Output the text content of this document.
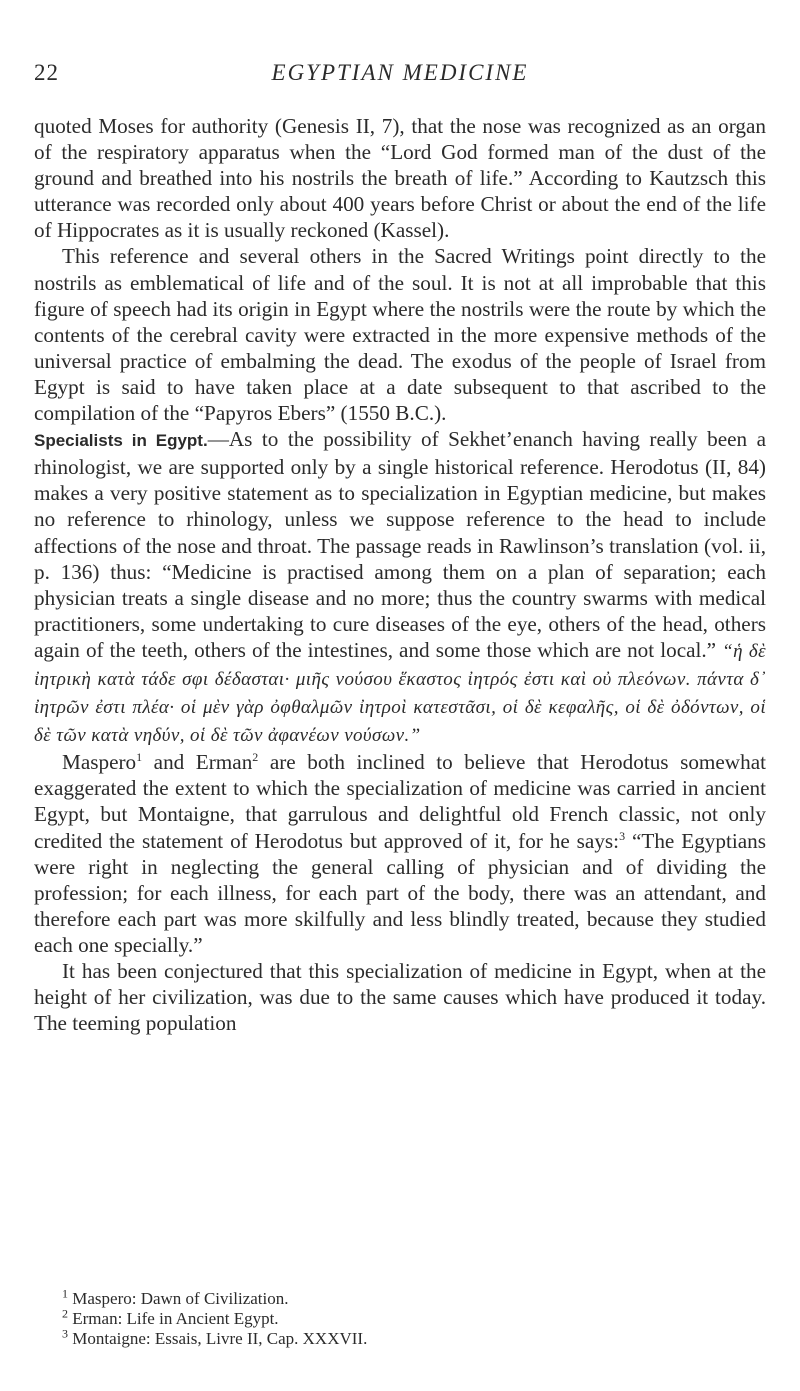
22	EGYPTIAN MEDICINE

quoted Moses for authority (Genesis II, 7), that the nose was recognized as an organ of the respiratory apparatus when the “Lord God formed man of the dust of the ground and breathed into his nostrils the breath of life.” According to Kautzsch this utterance was recorded only about 400 years before Christ or about the end of the life of Hippocrates as it is usually reckoned (Kassel).

This reference and several others in the Sacred Writings point directly to the nostrils as emblematical of life and of the soul. It is not at all improbable that this figure of speech had its origin in Egypt where the nostrils were the route by which the contents of the cerebral cavity were extracted in the more expensive methods of the universal practice of embalming the dead. The exodus of the people of Israel from Egypt is said to have taken place at a date subsequent to that ascribed to the compilation of the “Papyros Ebers” (1550 B.C.).

Specialists in Egypt.—As to the possibility of Sekhet’enanch having really been a rhinologist, we are supported only by a single historical reference. Herodotus (II, 84) makes a very positive statement as to specialization in Egyptian medicine, but makes no reference to rhinology, unless we suppose reference to the head to include affections of the nose and throat. The passage reads in Rawlinson’s translation (vol. ii, p. 136) thus: “Medicine is practised among them on a plan of separation; each physician treats a single disease and no more; thus the country swarms with medical practitioners, some undertaking to cure diseases of the eye, others of the head, others again of the teeth, others of the intestines, and some those which are not local.” “ἡ δὲ ἰητρικὴ κατὰ τάδε σφι δέδασται· μιῆς νούσου ἕκαστος ἰητρός ἐστι καὶ οὐ πλεόνων. πάντα δ᾽ ἰητρῶν ἐστι πλέα· οἱ μὲν γὰρ ὀφθαλμῶν ἰητροὶ κατεστᾶσι, οἱ δὲ κεφαλῆς, οἱ δὲ ὀδόντων, οἱ δὲ τῶν κατὰ νηδύν, οἱ δὲ τῶν ἀφανέων νούσων.”

Maspero$^1$ and Erman$^2$ are both inclined to believe that Herodotus somewhat exaggerated the extent to which the specialization of medicine was carried in ancient Egypt, but Montaigne, that garrulous and delightful old French classic, not only credited the statement of Herodotus but approved of it, for he says:$^3$ “The Egyptians were right in neglecting the general calling of physician and of dividing the profession; for each illness, for each part of the body, there was an attendant, and therefore each part was more skilfully and less blindly treated, because they studied each one specially.”

It has been conjectured that this specialization of medicine in Egypt, when at the height of her civilization, was due to the same causes which have produced it today. The teeming population

$^1$ Maspero: Dawn of Civilization.

$^2$ Erman: Life in Ancient Egypt.

$^3$ Montaigne: Essais, Livre II, Cap. XXXVII.
